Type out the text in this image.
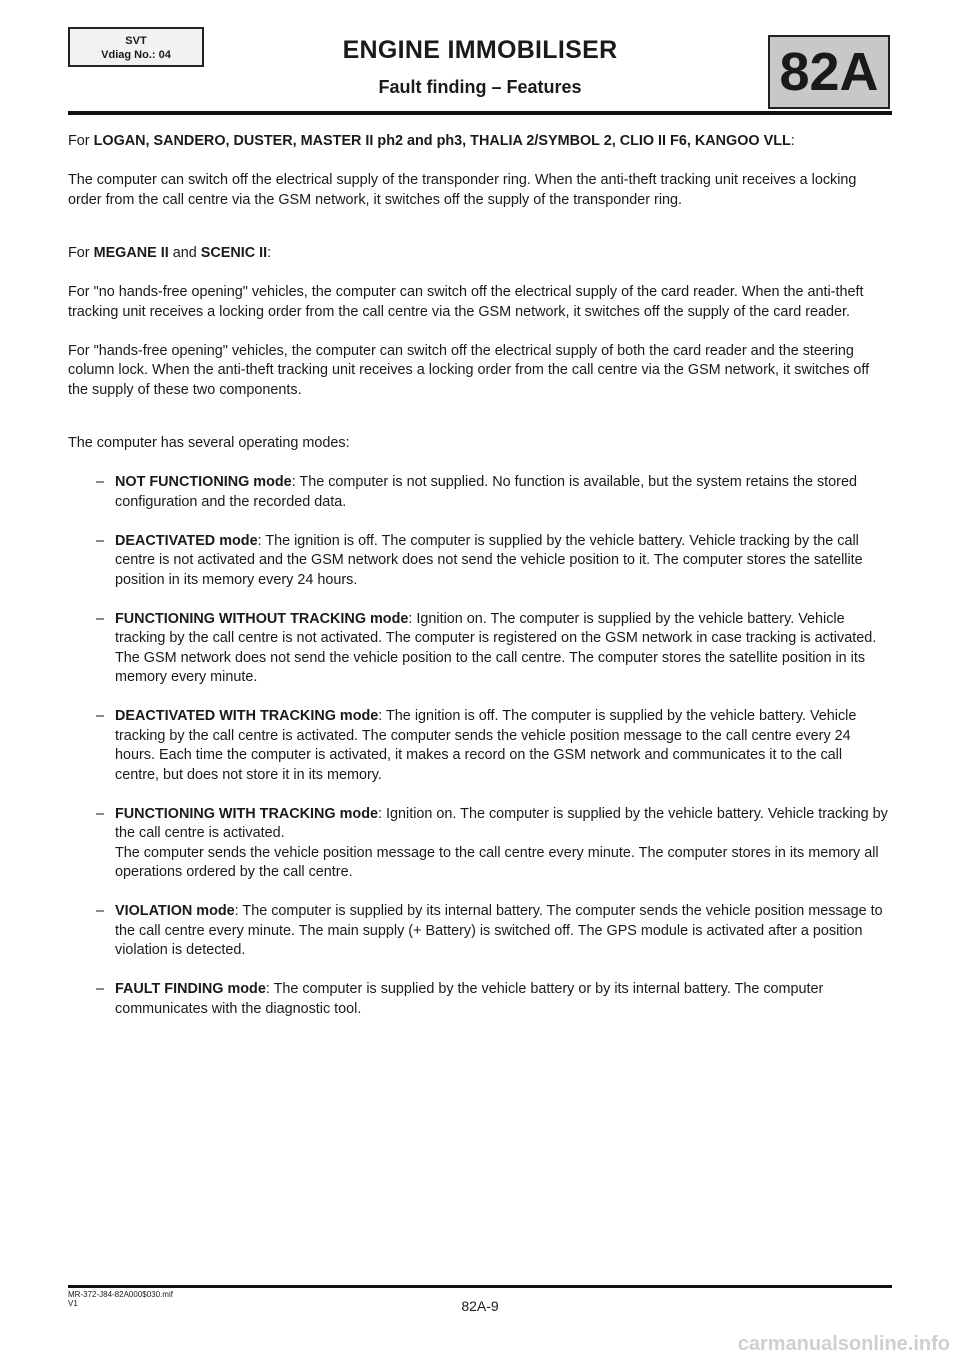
SVT
Vdiag No.: 04	ENGINE IMMOBILISER
Fault finding – Features	82A

For LOGAN, SANDERO, DUSTER, MASTER II ph2 and ph3, THALIA 2/SYMBOL 2, CLIO II F6, KANGOO VLL:

The computer can switch off the electrical supply of the transponder ring. When the anti-theft tracking unit receives a locking order from the call centre via the GSM network, it switches off the supply of the transponder ring.

For MEGANE II and SCENIC II:

For "no hands-free opening" vehicles, the computer can switch off the electrical supply of the card reader. When the anti-theft tracking unit receives a locking order from the call centre via the GSM network, it switches off the supply of the card reader.

For "hands-free opening" vehicles, the computer can switch off the electrical supply of both the card reader and the steering column lock. When the anti-theft tracking unit receives a locking order from the call centre via the GSM network, it switches off the supply of these two components.

The computer has several operating modes:

– NOT FUNCTIONING mode: The computer is not supplied. No function is available, but the system retains the stored configuration and the recorded data.
– DEACTIVATED mode: The ignition is off. The computer is supplied by the vehicle battery. Vehicle tracking by the call centre is not activated and the GSM network does not send the vehicle position to it. The computer stores the satellite position in its memory every 24 hours.
– FUNCTIONING WITHOUT TRACKING mode: Ignition on. The computer is supplied by the vehicle battery. Vehicle tracking by the call centre is not activated. The computer is registered on the GSM network in case tracking is activated. The GSM network does not send the vehicle position to the call centre. The computer stores the satellite position in its memory every minute.
– DEACTIVATED WITH TRACKING mode: The ignition is off. The computer is supplied by the vehicle battery. Vehicle tracking by the call centre is activated. The computer sends the vehicle position message to the call centre every 24 hours. Each time the computer is activated, it makes a record on the GSM network and communicates it to the call centre, but does not store it in its memory.
– FUNCTIONING WITH TRACKING mode: Ignition on. The computer is supplied by the vehicle battery. Vehicle tracking by the call centre is activated.
The computer sends the vehicle position message to the call centre every minute. The computer stores in its memory all operations ordered by the call centre.
– VIOLATION mode: The computer is supplied by its internal battery. The computer sends the vehicle position message to the call centre every minute. The main supply (+ Battery) is switched off. The GPS module is activated after a position violation is detected.
– FAULT FINDING mode: The computer is supplied by the vehicle battery or by its internal battery. The computer communicates with the diagnostic tool.
MR-372-J84-82A000$030.mif
V1	82A-9
carmanualsonline.info
